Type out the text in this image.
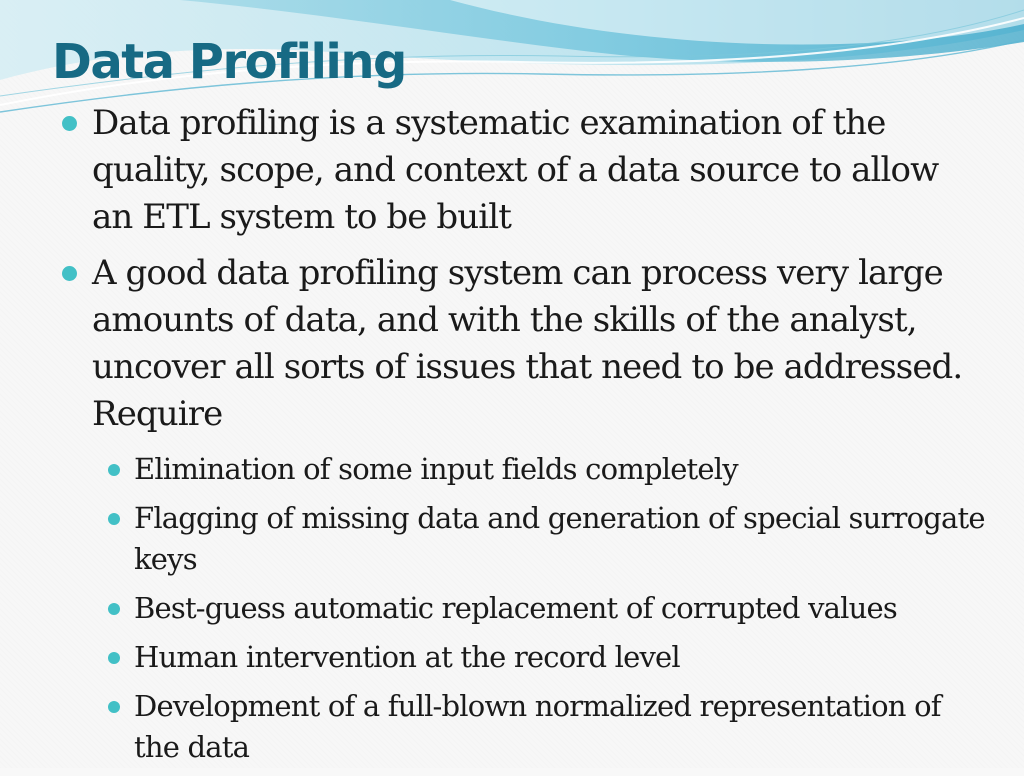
Data Profiling
Data profiling is a systematic examination of the quality, scope, and context of a data source to allow an ETL system to be built
A good data profiling system can process very large amounts of data, and with the skills of the analyst, uncover all sorts of issues that need to be addressed. Require
Elimination of some input fields completely
Flagging of missing data and generation of special surrogate keys
Best-guess automatic replacement of corrupted values
Human intervention at the record level
Development of a full-blown normalized representation of the data
